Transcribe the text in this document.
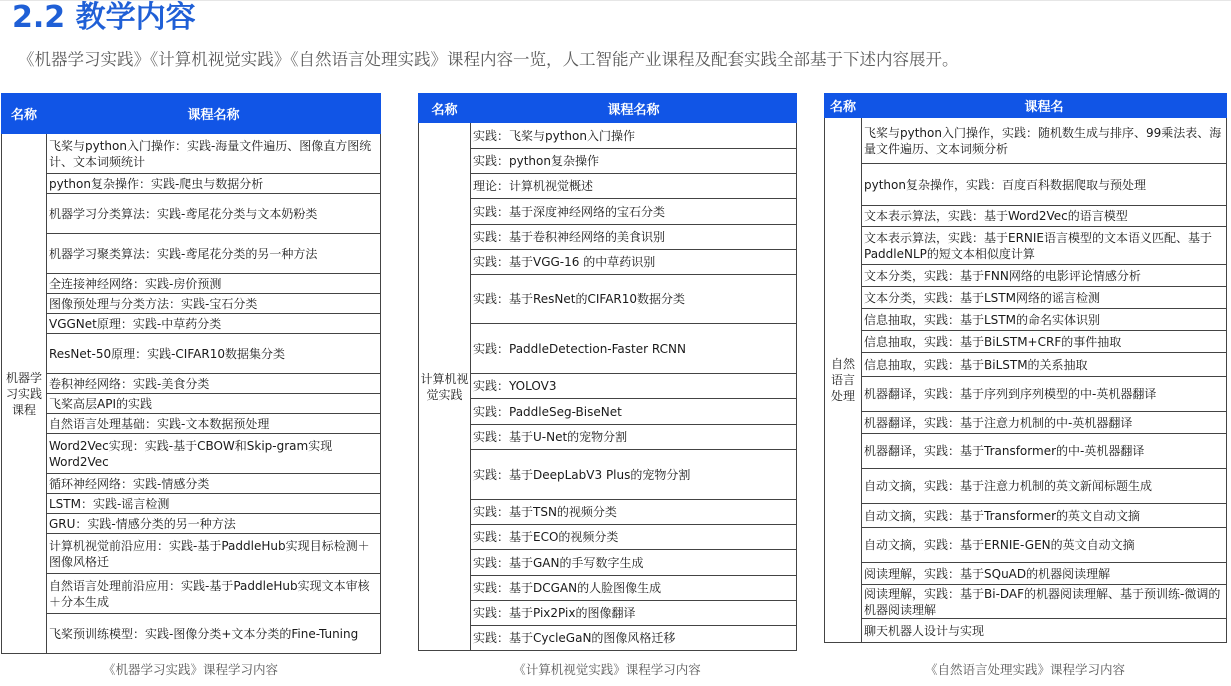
2.2 教学内容

《机器学习实践》《计算机视觉实践》《自然语言处理实践》课程内容一览，人工智能产业课程及配套实践全部基于下述内容展开。

名称	课程名称
机器学习实践课程	飞桨与python入门操作：实践-海量文件遍历、图像直方图统计、文本词频统计
	python复杂操作：实践-爬虫与数据分析
	机器学习分类算法：实践-鸢尾花分类与文本奶粉类
	机器学习聚类算法：实践-鸢尾花分类的另一种方法
	全连接神经网络：实践-房价预测
	图像预处理与分类方法：实践-宝石分类
	VGGNet原理：实践-中草药分类
	ResNet-50原理：实践-CIFAR10数据集分类
	卷积神经网络：实践-美食分类
	飞桨高层API的实践
	自然语言处理基础：实践-文本数据预处理
	Word2Vec实现：实践-基于CBOW和Skip-gram实现Word2Vec
	循环神经网络：实践-情感分类
	LSTM：实践-谣言检测
	GRU：实践-情感分类的另一种方法
	计算机视觉前沿应用：实践-基于PaddleHub实现目标检测＋图像风格迁
	自然语言处理前沿应用：实践-基于PaddleHub实现文本审核＋分本生成
	飞桨预训练模型：实践-图像分类+文本分类的Fine-Tuning
《机器学习实践》课程学习内容
名称	课程名称
计算机视觉实践	实践：飞桨与python入门操作
	实践：python复杂操作
	理论：计算机视觉概述
	实践：基于深度神经网络的宝石分类
	实践：基于卷积神经网络的美食识别
	实践：基于VGG-16 的中草药识别
	实践：基于ResNet的CIFAR10数据分类
	实践：PaddleDetection-Faster RCNN
	实践：YOLOV3
	实践：PaddleSeg-BiseNet
	实践：基于U-Net的宠物分割
	实践：基于DeepLabV3 Plus的宠物分割
	实践：基于TSN的视频分类
	实践：基于ECO的视频分类
	实践：基于GAN的手写数字生成
	实践：基于DCGAN的人脸图像生成
	实践：基于Pix2Pix的图像翻译
	实践：基于CycleGaN的图像风格迁移
《计算机视觉实践》课程学习内容
名称	课程名
自然语言处理	飞桨与python入门操作，实践：随机数生成与排序、99乘法表、海量文件遍历、文本词频分析
	python复杂操作，实践：百度百科数据爬取与预处理
	文本表示算法，实践：基于Word2Vec的语言模型
	文本表示算法，实践：基于ERNIE语言模型的文本语义匹配、基于PaddleNLP的短文本相似度计算
	文本分类，实践：基于FNN网络的电影评论情感分析
	文本分类，实践：基于LSTM网络的谣言检测
	信息抽取，实践：基于LSTM的命名实体识别
	信息抽取，实践：基于BiLSTM+CRF的事件抽取
	信息抽取，实践：基于BiLSTM的关系抽取
	机器翻译，实践：基于序列到序列模型的中-英机器翻译
	机器翻译，实践：基于注意力机制的中-英机器翻译
	机器翻译，实践：基于Transformer的中-英机器翻译
	自动文摘，实践：基于注意力机制的英文新闻标题生成
	自动文摘，实践：基于Transformer的英文自动文摘
	自动文摘，实践：基于ERNIE-GEN的英文自动文摘
	阅读理解，实践：基于SQuAD的机器阅读理解
	阅读理解，实践：基于Bi-DAF的机器阅读理解、基于预训练-微调的机器阅读理解
	聊天机器人设计与实现
《自然语言处理实践》课程学习内容
